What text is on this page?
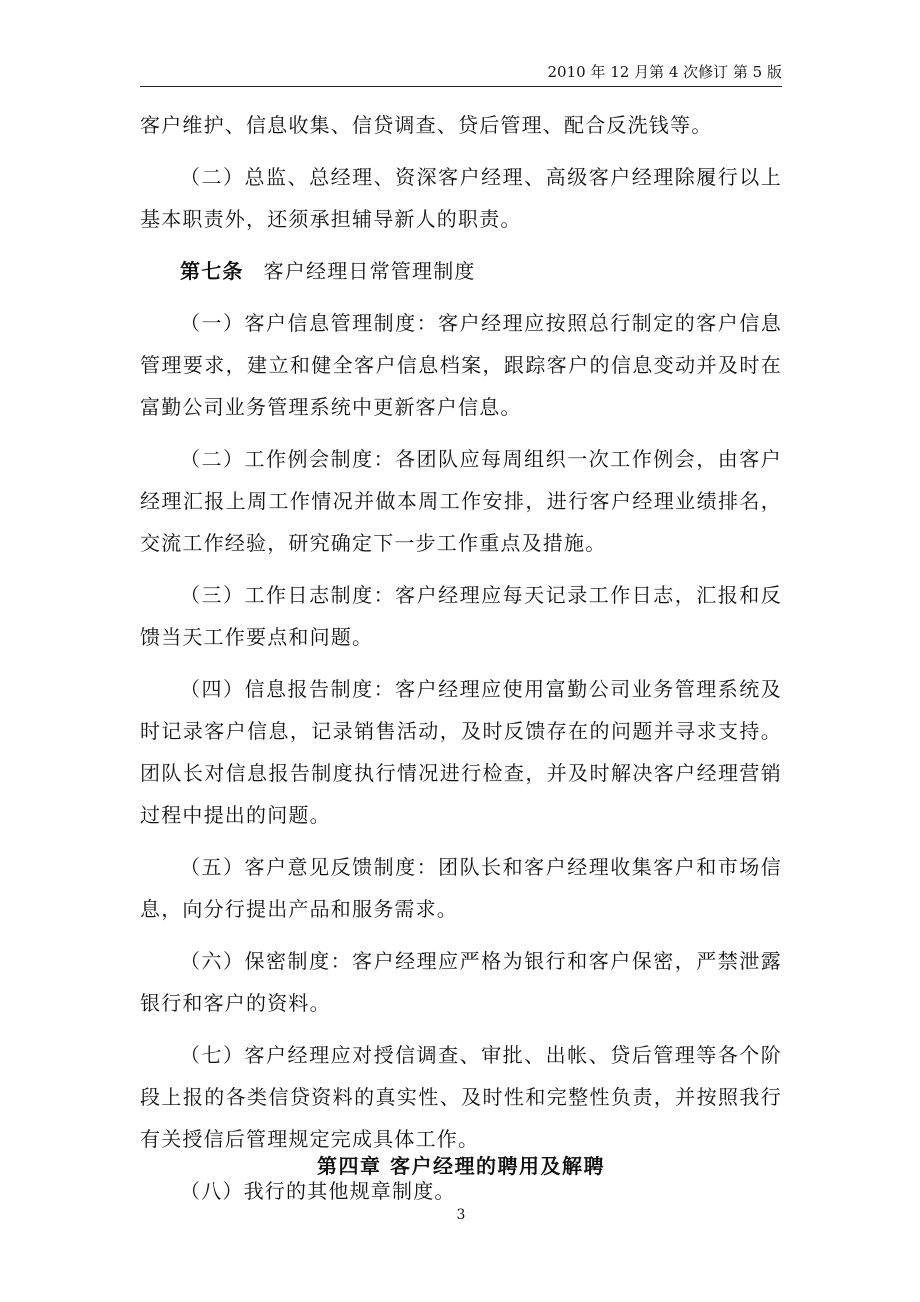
2010 年 12 月第 4 次修订 第 5 版

客户维护、信息收集、信贷调查、贷后管理、配合反洗钱等。

（二）总监、总经理、资深客户经理、高级客户经理除履行以上基本职责外，还须承担辅导新人的职责。

第七条 客户经理日常管理制度

（一）客户信息管理制度：客户经理应按照总行制定的客户信息管理要求，建立和健全客户信息档案，跟踪客户的信息变动并及时在富勤公司业务管理系统中更新客户信息。

（二）工作例会制度：各团队应每周组织一次工作例会，由客户经理汇报上周工作情况并做本周工作安排，进行客户经理业绩排名，交流工作经验，研究确定下一步工作重点及措施。

（三）工作日志制度：客户经理应每天记录工作日志，汇报和反馈当天工作要点和问题。

（四）信息报告制度：客户经理应使用富勤公司业务管理系统及时记录客户信息，记录销售活动，及时反馈存在的问题并寻求支持。团队长对信息报告制度执行情况进行检查，并及时解决客户经理营销过程中提出的问题。

（五）客户意见反馈制度：团队长和客户经理收集客户和市场信息，向分行提出产品和服务需求。

（六）保密制度：客户经理应严格为银行和客户保密，严禁泄露银行和客户的资料。

（七）客户经理应对授信调查、审批、出帐、贷后管理等各个阶段上报的各类信贷资料的真实性、及时性和完整性负责，并按照我行有关授信后管理规定完成具体工作。

（八）我行的其他规章制度。

第四章 客户经理的聘用及解聘
3
